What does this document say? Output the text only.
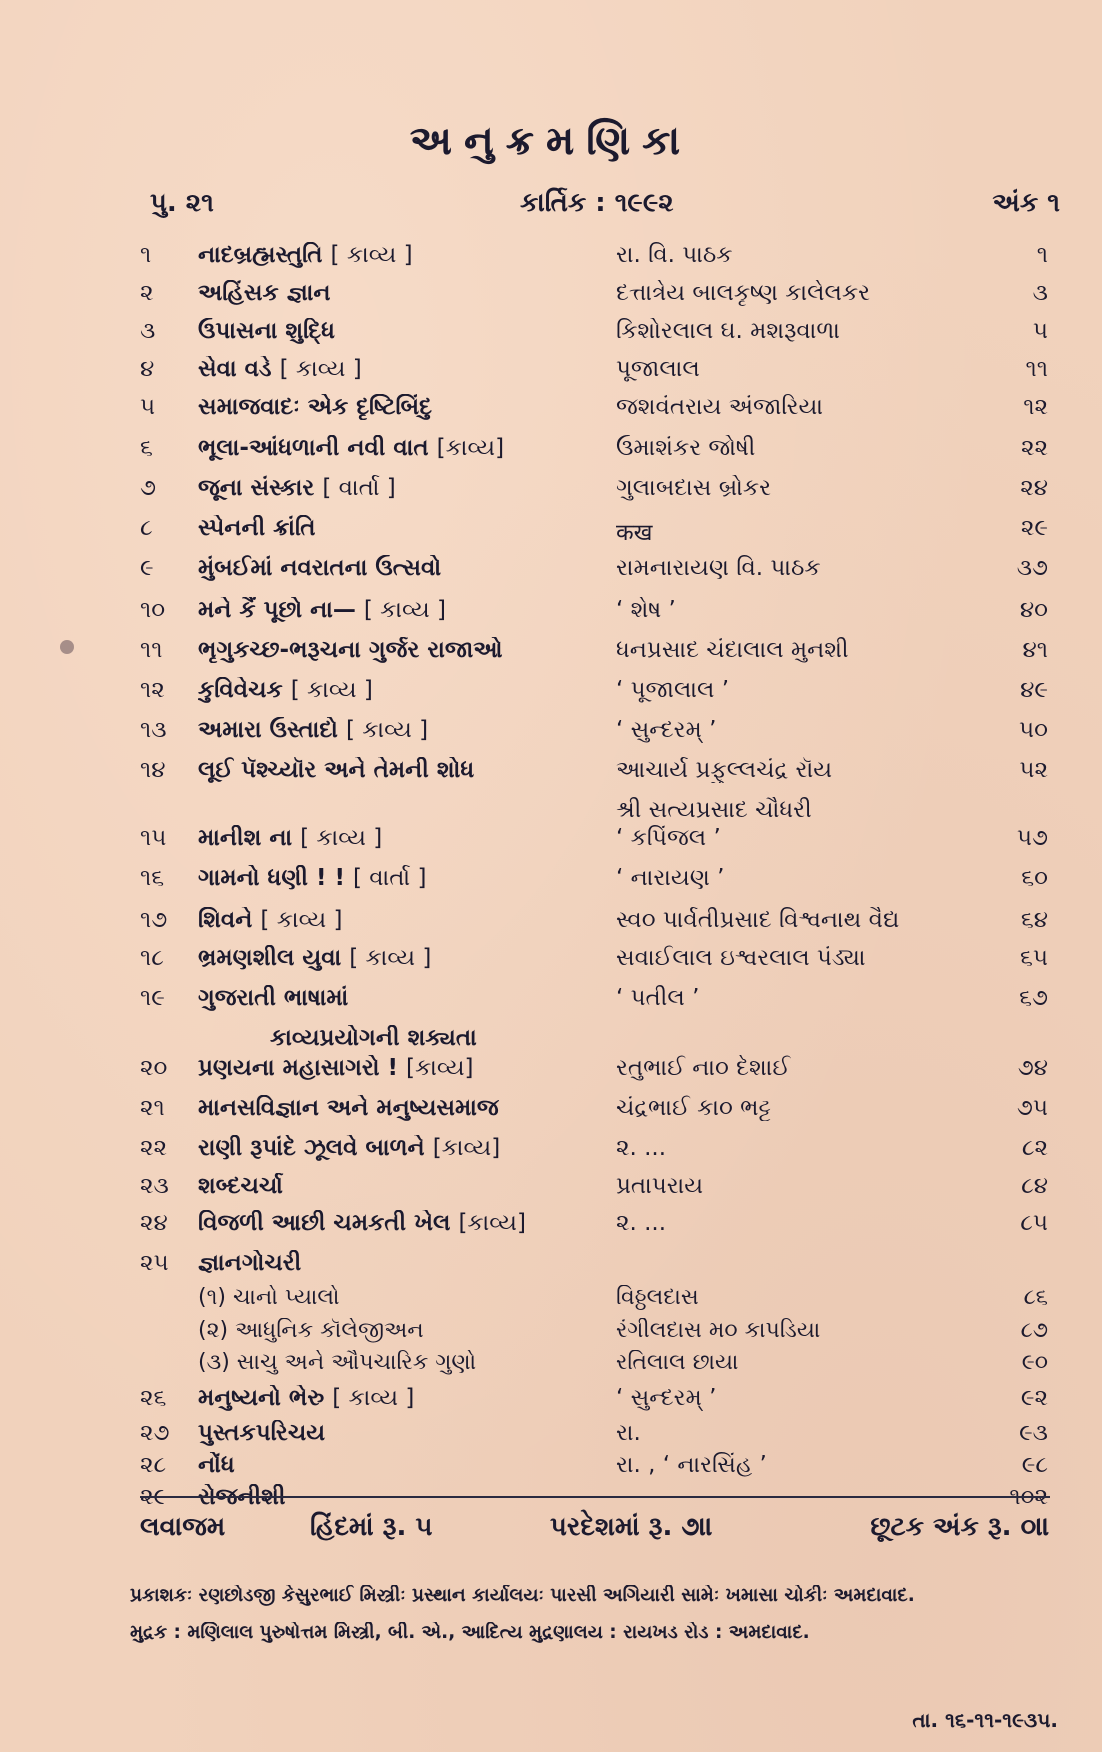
અનુક્રમણિકા
પુ. ૨૧	કાર્તિક : ૧૯૯૨	અંક ૧
૧	નાદબ્રહ્મસ્તુતિ [ કાવ્ય ]	રા. વિ. પાઠક	૧
૨	અહિંસક જ્ઞાન	દત્તાત્રેય બાલકૃષ્ણ કાલેલકર	૩
૩	ઉપાસના શુદ્ધિ	કિશોરલાલ ઘ. મશરૂવાળા	૫
૪	સેવા વડે [ કાવ્ય ]	પૂજાલાલ	૧૧
૫	સમાજવાદઃ એક દૃષ્ટિબિંદુ	જશવંતરાય અંજારિયા	૧૨
૬	ભૂલા-આંધળાની નવી વાત [કાવ્ય]	ઉમાશંકર જોષી	૨૨
૭	જૂના સંસ્કાર [ વાર્તા ]	ગુલાબદાસ બ્રોકર	૨૪
૮	સ્પેનની ક્રાંતિ	कख	૨૯
૯	મુંબઈમાં નવરાતના ઉત્સવો	રામનારાયણ વિ. પાઠક	૩૭
૧૦	મને કૈં પૂછો ના— [ કાવ્ય ]	‘ શેષ ’	૪૦
૧૧	ભૃગુકચ્છ-ભરૂચના ગુર્જર રાજાઓ	ધનપ્રસાદ ચંદાલાલ મુનશી	૪૧
૧૨	કુવિવેચક [ કાવ્ય ]	‘ પૂજાલાલ ’	૪૯
૧૩	અમારા ઉસ્તાદો [ કાવ્ય ]	‘ સુન્દરમ્ ’	૫૦
૧૪	લૂઈ પૅશ્ચ્યૉર અને તેમની શોધ	આચાર્ય પ્રફુલ્લચંદ્ર રૉય	૫૨
શ્રી સત્યપ્રસાદ ચૌધરી
૧૫	માનીશ ના [ કાવ્ય ]	‘ કપિંજલ ’	૫૭
૧૬	ગામનો ધણી ! ! [ વાર્તા ]	‘ નારાયણ ’	૬૦
૧૭	શિવને [ કાવ્ય ]	સ્વ૦ પાર્વતીપ્રસાદ વિશ્વનાથ વૈદ્ય	૬૪
૧૮	ભ્રમણશીલ યુવા [ કાવ્ય ]	સવાઈલાલ ઇશ્વરલાલ પંડ્યા	૬૫
૧૯	ગુજરાતી ભાષામાં	‘ પતીલ ’	૬૭
કાવ્યપ્રયોગની શક્યતા
૨૦	પ્રણયના મહાસાગરો ! [કાવ્ય]	રતુભાઈ ના૦ દેશાઈ	૭૪
૨૧	માનસવિજ્ઞાન અને મનુષ્યસમાજ	ચંદ્રભાઈ કા૦ ભટ્ટ	૭૫
૨૨	રાણી રૂપાંદે ઝૂલવે બાળને [કાવ્ય]	૨. ...	૮૨
૨૩	શબ્દચર્ચા	પ્રતાપરાય	૮૪
૨૪	વિજળી આછી ચમકતી ખેલ [કાવ્ય]	૨. ...	૮૫
૨૫	જ્ઞાનગોચરી
(૧) ચાનો પ્યાલો	વિઠ્ઠલદાસ	૮૬
(૨) આધુનિક કૉલેજીઅન	રંગીલદાસ મ૦ કાપડિયા	૮૭
(૩) સાચુ અને ઔપચારિક ગુણો	રતિલાલ છાયા	૯૦
૨૬	મનુષ્યનો ભેરુ [ કાવ્ય ]	‘ સુન્દરમ્ ’	૯૨
૨૭	પુસ્તકપરિચય	રા.	૯૩
૨૮	નોંધ	રા. , ‘ નારસિંહ ’	૯૮
૨૯	રોજનીશી	૧૦૨
લવાજમ	હિંદમાં રૂ. ૫	પરદેશમાં રૂ. ૭॥	છૂટક અંક રૂ. ૦॥
પ્રકાશકઃ રણછોડજી કેસુરભાઈ મિસ્ત્રીઃ પ્રસ્થાન કાર્યાલયઃ પારસી અગિયારી સામેઃ ખમાસા ચોકીઃ અમદાવાદ.
મુદ્રક : મણિલાલ પુરુષોત્તમ મિસ્ત્રી, બી. એ., આદિત્ય મુદ્રણાલય : રાયખડ રોડ : અમદાવાદ.
તા. ૧૬-૧૧-૧૯૩૫.
